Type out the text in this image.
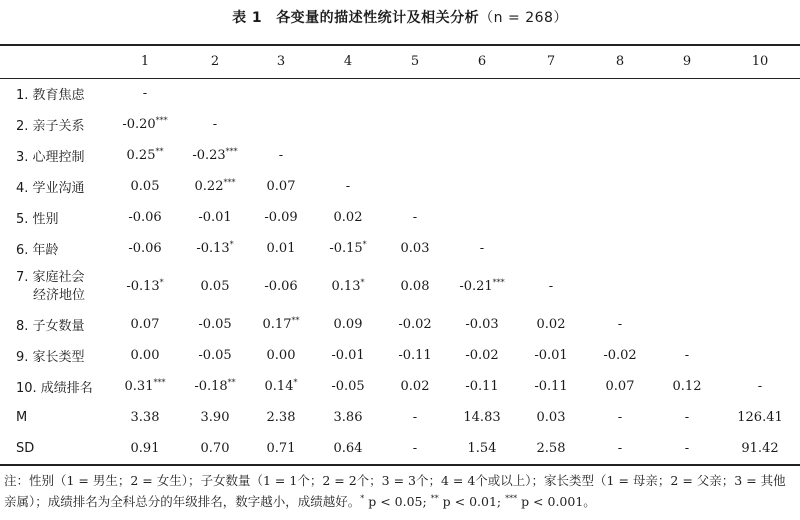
表 1 各变量的描述性统计及相关分析（n = 268）
	1	2	3	4	5	6	7	8	9	10
1. 教育焦虑	-									
2. 亲子关系	-0.20***	-								
3. 心理控制	0.25**	-0.23***	-							
4. 学业沟通	0.05	0.22***	0.07	-						
5. 性别	-0.06	-0.01	-0.09	0.02	-					
6. 年龄	-0.06	-0.13*	0.01	-0.15*	0.03	-				
7. 家庭社会
经济地位	-0.13*	0.05	-0.06	0.13*	0.08	-0.21***	-			
8. 子女数量	0.07	-0.05	0.17**	0.09	-0.02	-0.03	0.02	-		
9. 家长类型	0.00	-0.05	0.00	-0.01	-0.11	-0.02	-0.01	-0.02	-	
10. 成绩排名	0.31***	-0.18**	0.14*	-0.05	0.02	-0.11	-0.11	0.07	0.12	-
M	3.38	3.90	2.38	3.86	-	14.83	0.03	-	-	126.41
SD	0.91	0.70	0.71	0.64	-	1.54	2.58	-	-	91.42
注：性别（1 = 男生；2 = 女生）；子女数量（1 = 1个；2 = 2个；3 = 3个；4 = 4个或以上）；家长类型（1 = 母亲；2 = 父亲；3 = 其他亲属）；成绩排名为全科总分的年级排名，数字越小，成绩越好。* p < 0.05; ** p < 0.01; *** p < 0.001。
